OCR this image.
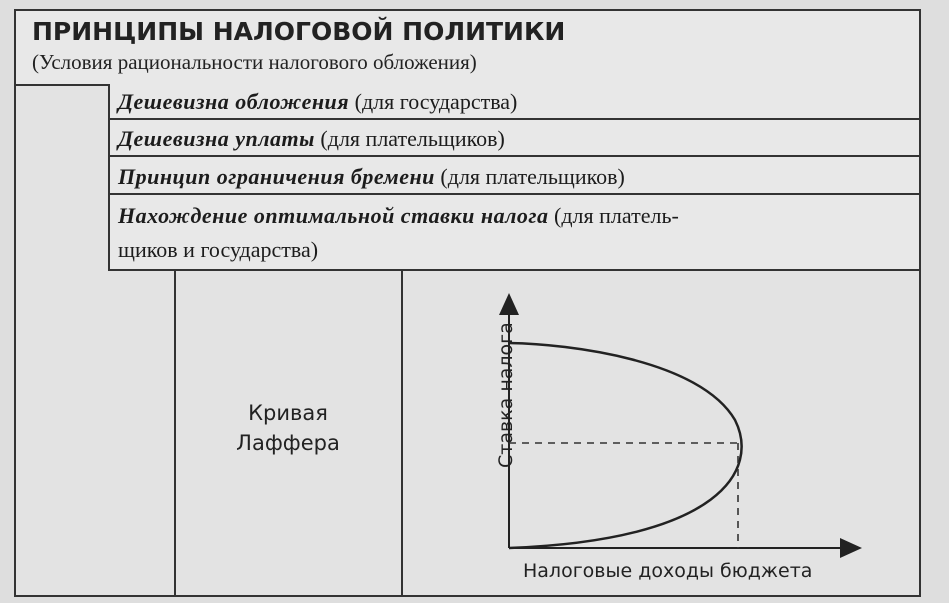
ПРИНЦИПЫ НАЛОГОВОЙ ПОЛИТИКИ
(Условия рациональности налогового обложения)
Дешевизна обложения (для государства)
Дешевизна уплаты (для плательщиков)
Принцип ограничения бремени (для плательщиков)
Нахождение оптимальной ставки налога (для платель-
щиков и государства)
Кривая
Лаффера	Ставка налога
Налоговые доходы бюджета
